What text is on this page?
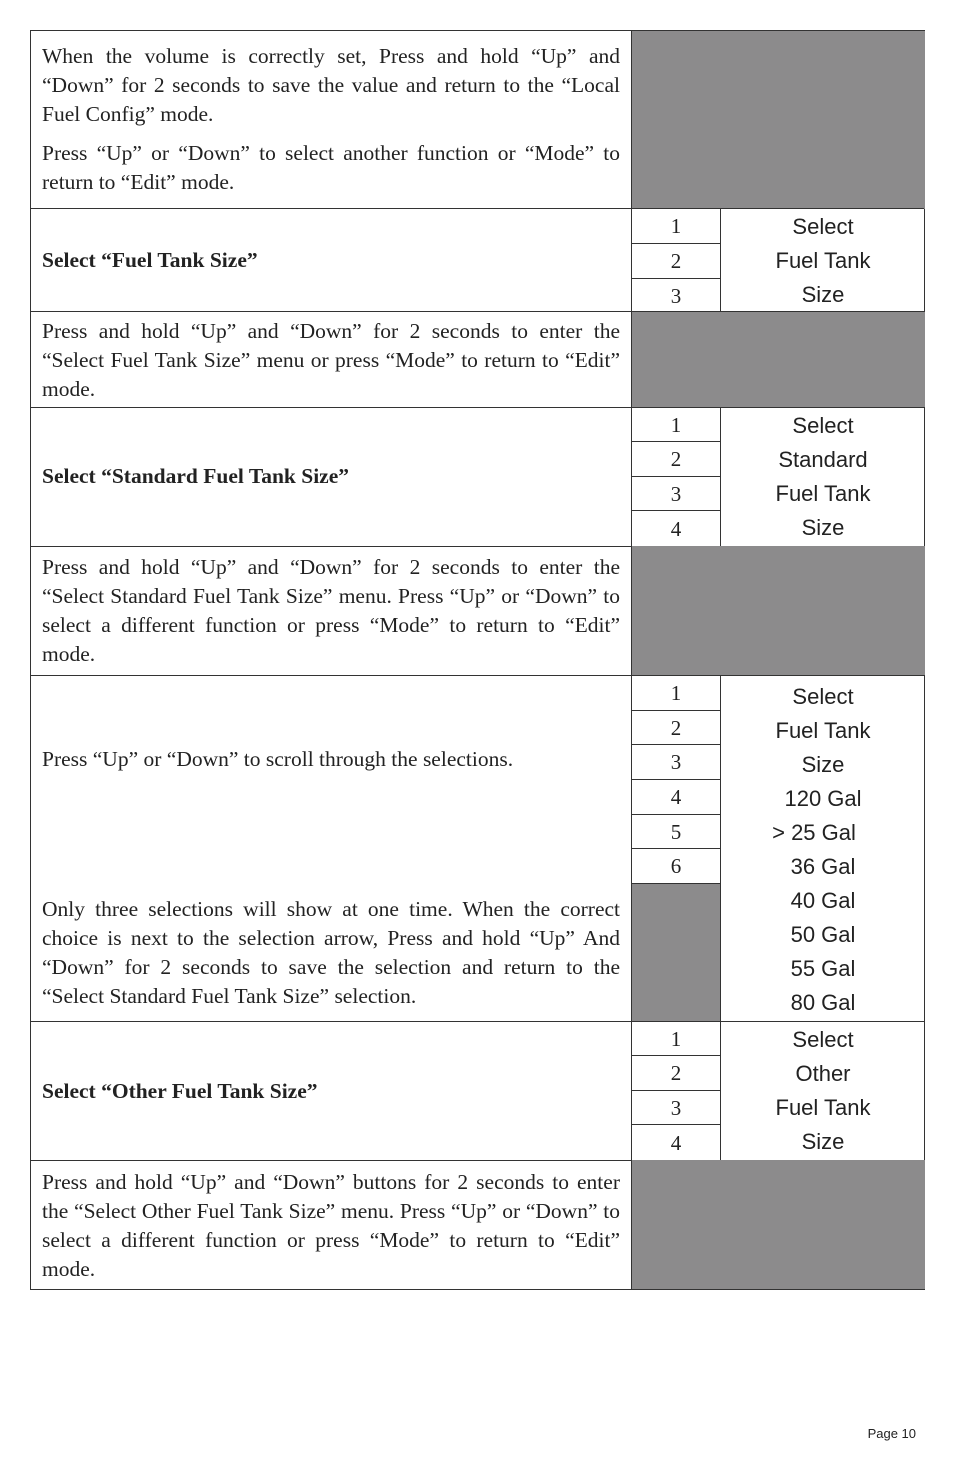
When the volume is correctly set, Press and hold “Up” and “Down” for 2 seconds to save the value and return to the “Local Fuel Config” mode.

Press “Up” or “Down” to select another function or “Mode” to return to “Edit” mode.

Select “Fuel Tank Size”
1
2
3
Select
Fuel Tank
Size
Press and hold “Up” and “Down” for 2 seconds to enter the “Select Fuel Tank Size” menu or press “Mode” to return to “Edit” mode.
Select “Standard Fuel Tank Size”
1
2
3
4
Select
Standard
Fuel Tank
Size
Press and hold “Up” and “Down” for 2 seconds to enter the “Select Standard Fuel Tank Size” menu. Press “Up” or “Down” to select a different function or press “Mode” to return to “Edit” mode.
Press “Up” or “Down” to scroll through the selections.
Only three selections will show at one time. When the correct choice is next to the selection arrow, Press and hold “Up” And “Down” for 2 seconds to save the selection and return to the “Select Standard Fuel Tank Size” selection.
1
2
3
4
5
6
Select
Fuel Tank
Size
120 Gal
> 25 Gal
36 Gal
40 Gal
50 Gal
55 Gal
80 Gal
Select “Other Fuel Tank Size”
1
2
3
4
Select
Other
Fuel Tank
Size
Press and hold “Up” and “Down” buttons for 2 seconds to enter the “Select Other Fuel Tank Size” menu. Press “Up” or “Down” to select a different function or press “Mode” to return to “Edit” mode.
Page 10
